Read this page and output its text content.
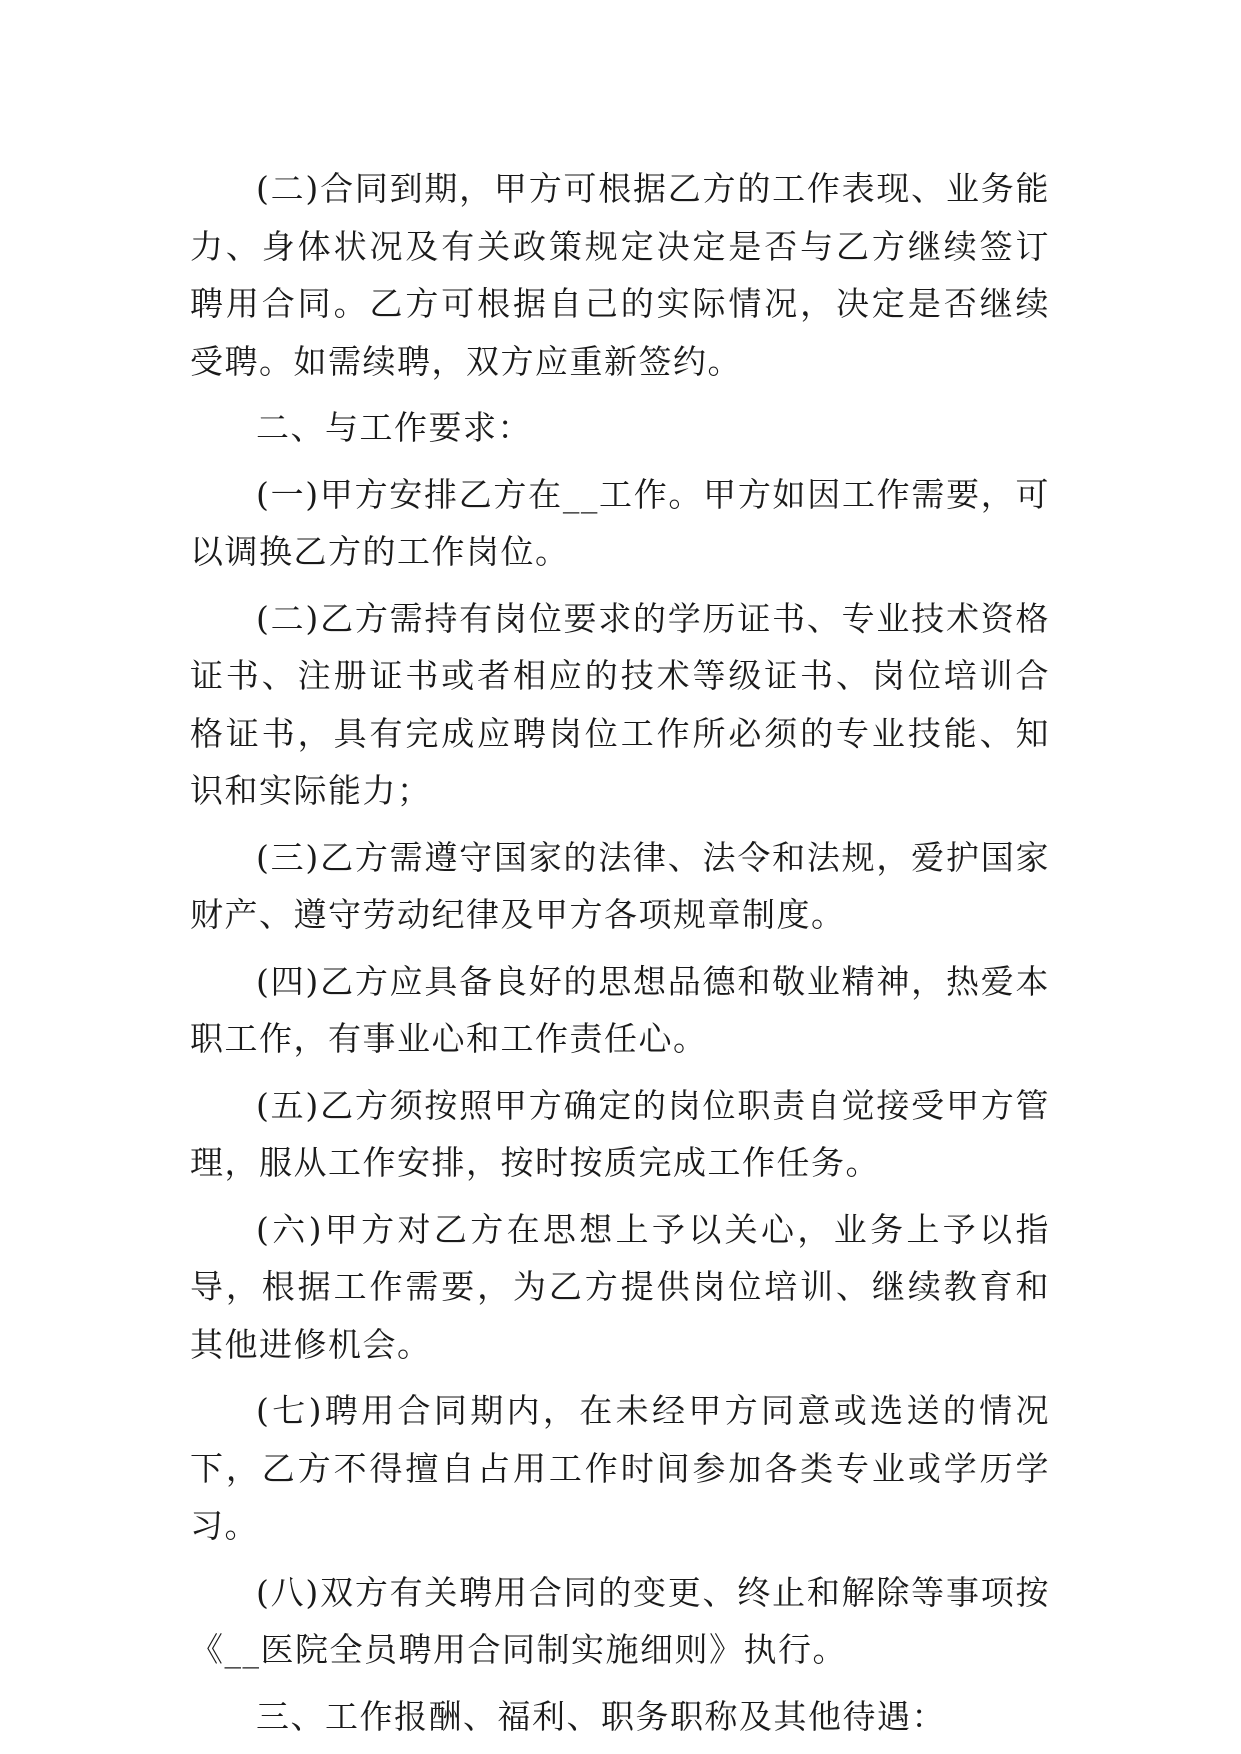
(二)合同到期，甲方可根据乙方的工作表现、业务能力、身体状况及有关政策规定决定是否与乙方继续签订聘用合同。乙方可根据自己的实际情况，决定是否继续受聘。如需续聘，双方应重新签约。

二、与工作要求：

(一)甲方安排乙方在__工作。甲方如因工作需要，可以调换乙方的工作岗位。

(二)乙方需持有岗位要求的学历证书、专业技术资格证书、注册证书或者相应的技术等级证书、岗位培训合格证书，具有完成应聘岗位工作所必须的专业技能、知识和实际能力；

(三)乙方需遵守国家的法律、法令和法规，爱护国家财产、遵守劳动纪律及甲方各项规章制度。

(四)乙方应具备良好的思想品德和敬业精神，热爱本职工作，有事业心和工作责任心。

(五)乙方须按照甲方确定的岗位职责自觉接受甲方管理，服从工作安排，按时按质完成工作任务。

(六)甲方对乙方在思想上予以关心，业务上予以指导，根据工作需要，为乙方提供岗位培训、继续教育和其他进修机会。

(七)聘用合同期内，在未经甲方同意或选送的情况下，乙方不得擅自占用工作时间参加各类专业或学历学习。

(八)双方有关聘用合同的变更、终止和解除等事项按《__医院全员聘用合同制实施细则》执行。

三、工作报酬、福利、职务职称及其他待遇：
